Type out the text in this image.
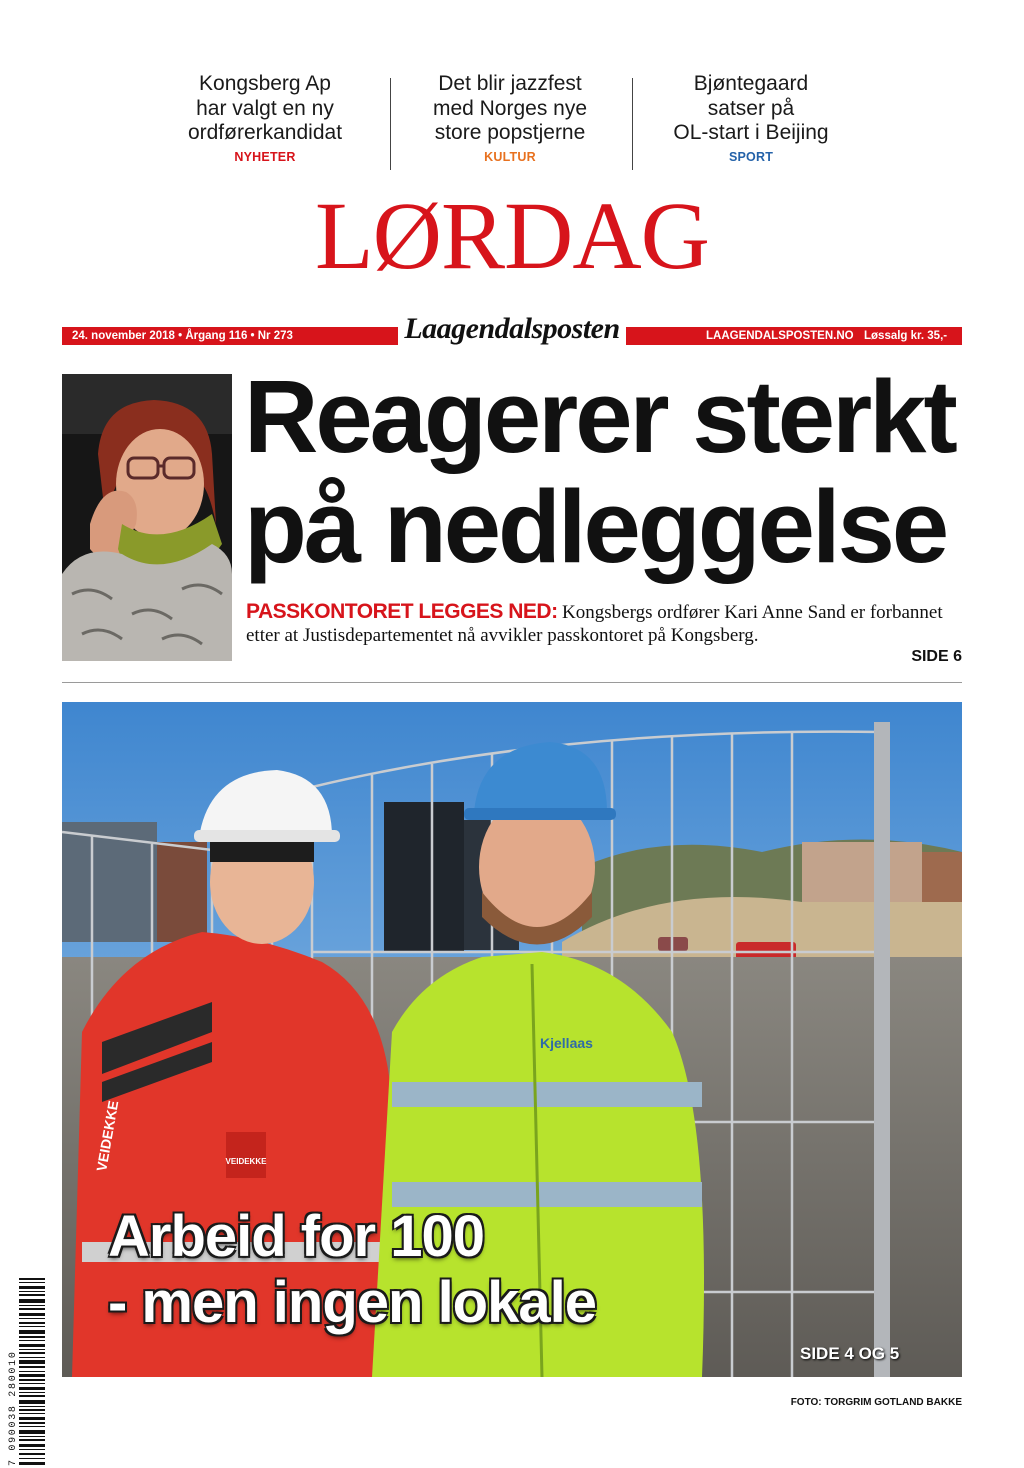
Kongsberg Ap
har valgt en ny
ordførerkandidat
NYHETER
Det blir jazzfest
med Norges nye
store popstjerne
KULTUR
Bjøntegaard
satser på
OL-start i Beijing
SPORT
LØRDAG
24. november 2018 • Årgang 116 • Nr 273	Laagendalsposten	LAAGENDALSPOSTEN.NO Løssalg kr. 35,-
Reagerer sterkt
på nedleggelse
PASSKONTORET LEGGES NED: Kongsbergs ordfører Kari Anne Sand er forbannet etter at Justisdepartementet nå avvikler passkontoret på Kongsberg.
SIDE 6
VEIDEKKE
VEIDEKKE
Kjellaas
Arbeid for 100
- men ingen lokale
SIDE 4 OG 5
FOTO: TORGRIM GOTLAND BAKKE
7 090038 280010
